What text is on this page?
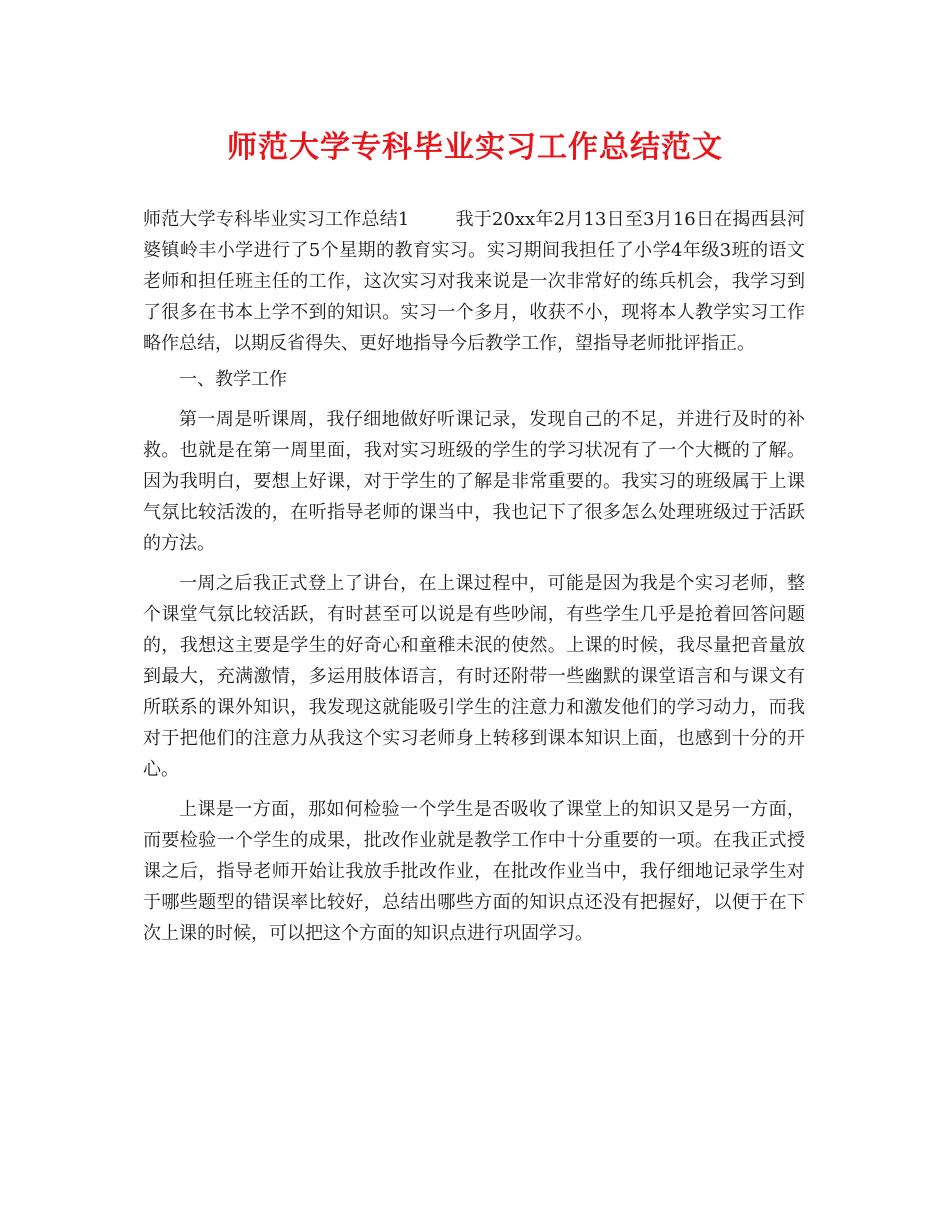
师范大学专科毕业实习工作总结范文

师范大学专科毕业实习工作总结1	我于20xx年2月13日至3月16日在揭西县河婆镇岭丰小学进行了5个星期的教育实习。实习期间我担任了小学4年级3班的语文老师和担任班主任的工作，这次实习对我来说是一次非常好的练兵机会，我学习到了很多在书本上学不到的知识。实习一个多月，收获不小，现将本人教学实习工作略作总结，以期反省得失、更好地指导今后教学工作，望指导老师批评指正。

一、教学工作

第一周是听课周，我仔细地做好听课记录，发现自己的不足，并进行及时的补救。也就是在第一周里面，我对实习班级的学生的学习状况有了一个大概的了解。因为我明白，要想上好课，对于学生的了解是非常重要的。我实习的班级属于上课气氛比较活泼的，在听指导老师的课当中，我也记下了很多怎么处理班级过于活跃的方法。

一周之后我正式登上了讲台，在上课过程中，可能是因为我是个实习老师，整个课堂气氛比较活跃，有时甚至可以说是有些吵闹，有些学生几乎是抢着回答问题的，我想这主要是学生的好奇心和童稚未泯的使然。上课的时候，我尽量把音量放到最大，充满激情，多运用肢体语言，有时还附带一些幽默的课堂语言和与课文有所联系的课外知识，我发现这就能吸引学生的注意力和激发他们的学习动力，而我对于把他们的注意力从我这个实习老师身上转移到课本知识上面，也感到十分的开心。

上课是一方面，那如何检验一个学生是否吸收了课堂上的知识又是另一方面，而要检验一个学生的成果，批改作业就是教学工作中十分重要的一项。在我正式授课之后，指导老师开始让我放手批改作业，在批改作业当中，我仔细地记录学生对于哪些题型的错误率比较好，总结出哪些方面的知识点还没有把握好，以便于在下次上课的时候，可以把这个方面的知识点进行巩固学习。
